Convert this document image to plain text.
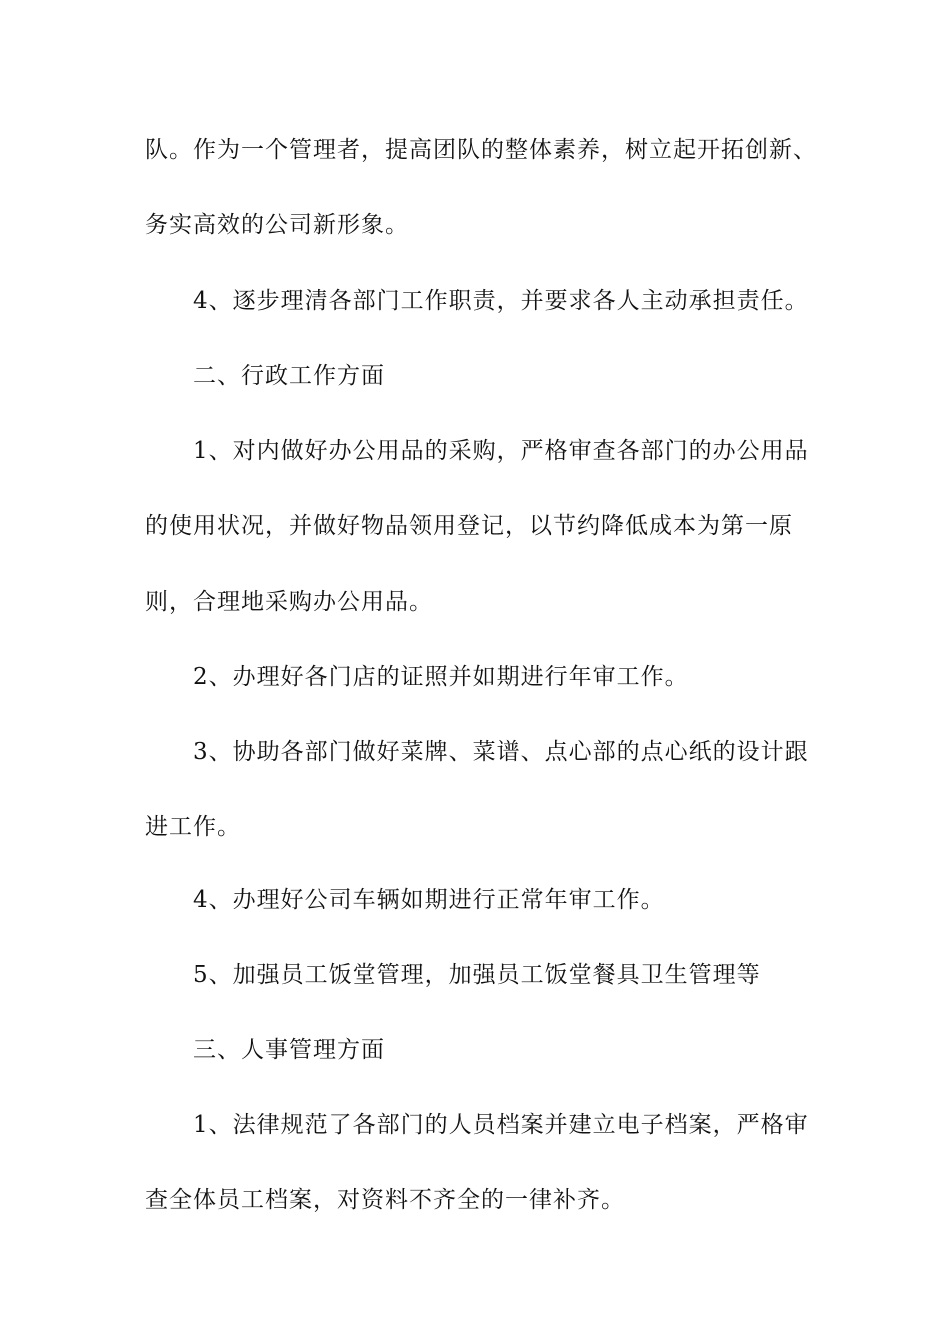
队。作为一个管理者，提高团队的整体素养，树立起开拓创新、
务实高效的公司新形象。
4、逐步理清各部门工作职责，并要求各人主动承担责任。
二、行政工作方面
1、对内做好办公用品的采购，严格审查各部门的办公用品
的使用状况，并做好物品领用登记，以节约降低成本为第一原
则，合理地采购办公用品。
2、办理好各门店的证照并如期进行年审工作。
3、协助各部门做好菜牌、菜谱、点心部的点心纸的设计跟
进工作。
4、办理好公司车辆如期进行正常年审工作。
5、加强员工饭堂管理，加强员工饭堂餐具卫生管理等
三、人事管理方面
1、法律规范了各部门的人员档案并建立电子档案，严格审
查全体员工档案，对资料不齐全的一律补齐。
